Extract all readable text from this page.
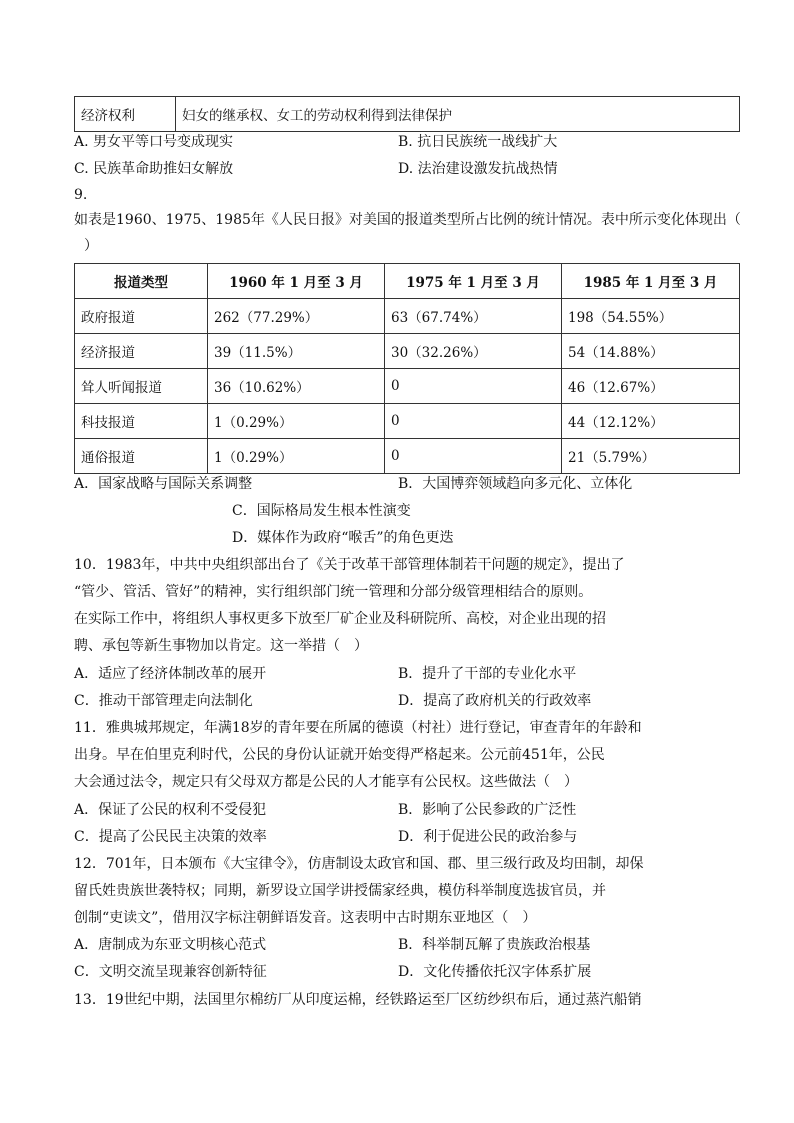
经济权利	妇女的继承权、女工的劳动权利得到法律保护
A. 男女平等口号变成现实	B. 抗日民族统一战线扩大
C. 民族革命助推妇女解放	D. 法治建设激发抗战热情
9.
如表是1960、1975、1985年《人民日报》对美国的报道类型所占比例的统计情况。表中所示变化体现出（
）
报道类型	1960 年 1 月至 3 月	1975 年 1 月至 3 月	1985 年 1 月至 3 月
政府报道	262（77.29%）	63（67.74%）	198（54.55%）
经济报道	39（11.5%）	30（32.26%）	54（14.88%）
耸人听闻报道	36（10.62%）	0	46（12.67%）
科技报道	1（0.29%）	0	44（12.12%）
通俗报道	1（0.29%）	0	21（5.79%）
A．国家战略与国际关系调整	B．大国博弈领域趋向多元化、立体化
C．国际格局发生根本性演变
D．媒体作为政府“喉舌”的角色更迭
10．1983年，中共中央组织部出台了《关于改革干部管理体制若干问题的规定》，提出了
“管少、管活、管好”的精神，实行组织部门统一管理和分部分级管理相结合的原则。
在实际工作中，将组织人事权更多下放至厂矿企业及科研院所、高校，对企业出现的招
聘、承包等新生事物加以肯定。这一举措（　）
A．适应了经济体制改革的展开	B．提升了干部的专业化水平
C．推动干部管理走向法制化	D．提高了政府机关的行政效率
11．雅典城邦规定，年满18岁的青年要在所属的德谟（村社）进行登记，审查青年的年龄和
出身。早在伯里克利时代，公民的身份认证就开始变得严格起来。公元前451年，公民
大会通过法令，规定只有父母双方都是公民的人才能享有公民权。这些做法（　）
A．保证了公民的权利不受侵犯	B．影响了公民参政的广泛性
C．提高了公民民主决策的效率	D．利于促进公民的政治参与
12．701年，日本颁布《大宝律令》，仿唐制设太政官和国、郡、里三级行政及均田制，却保
留氏姓贵族世袭特权；同期，新罗设立国学讲授儒家经典，模仿科举制度选拔官员，并
创制“吏读文”，借用汉字标注朝鲜语发音。这表明中古时期东亚地区（　）
A．唐制成为东亚文明核心范式	B．科举制瓦解了贵族政治根基
C．文明交流呈现兼容创新特征	D．文化传播依托汉字体系扩展
13．19世纪中期，法国里尔棉纺厂从印度运棉，经铁路运至厂区纺纱织布后，通过蒸汽船销
